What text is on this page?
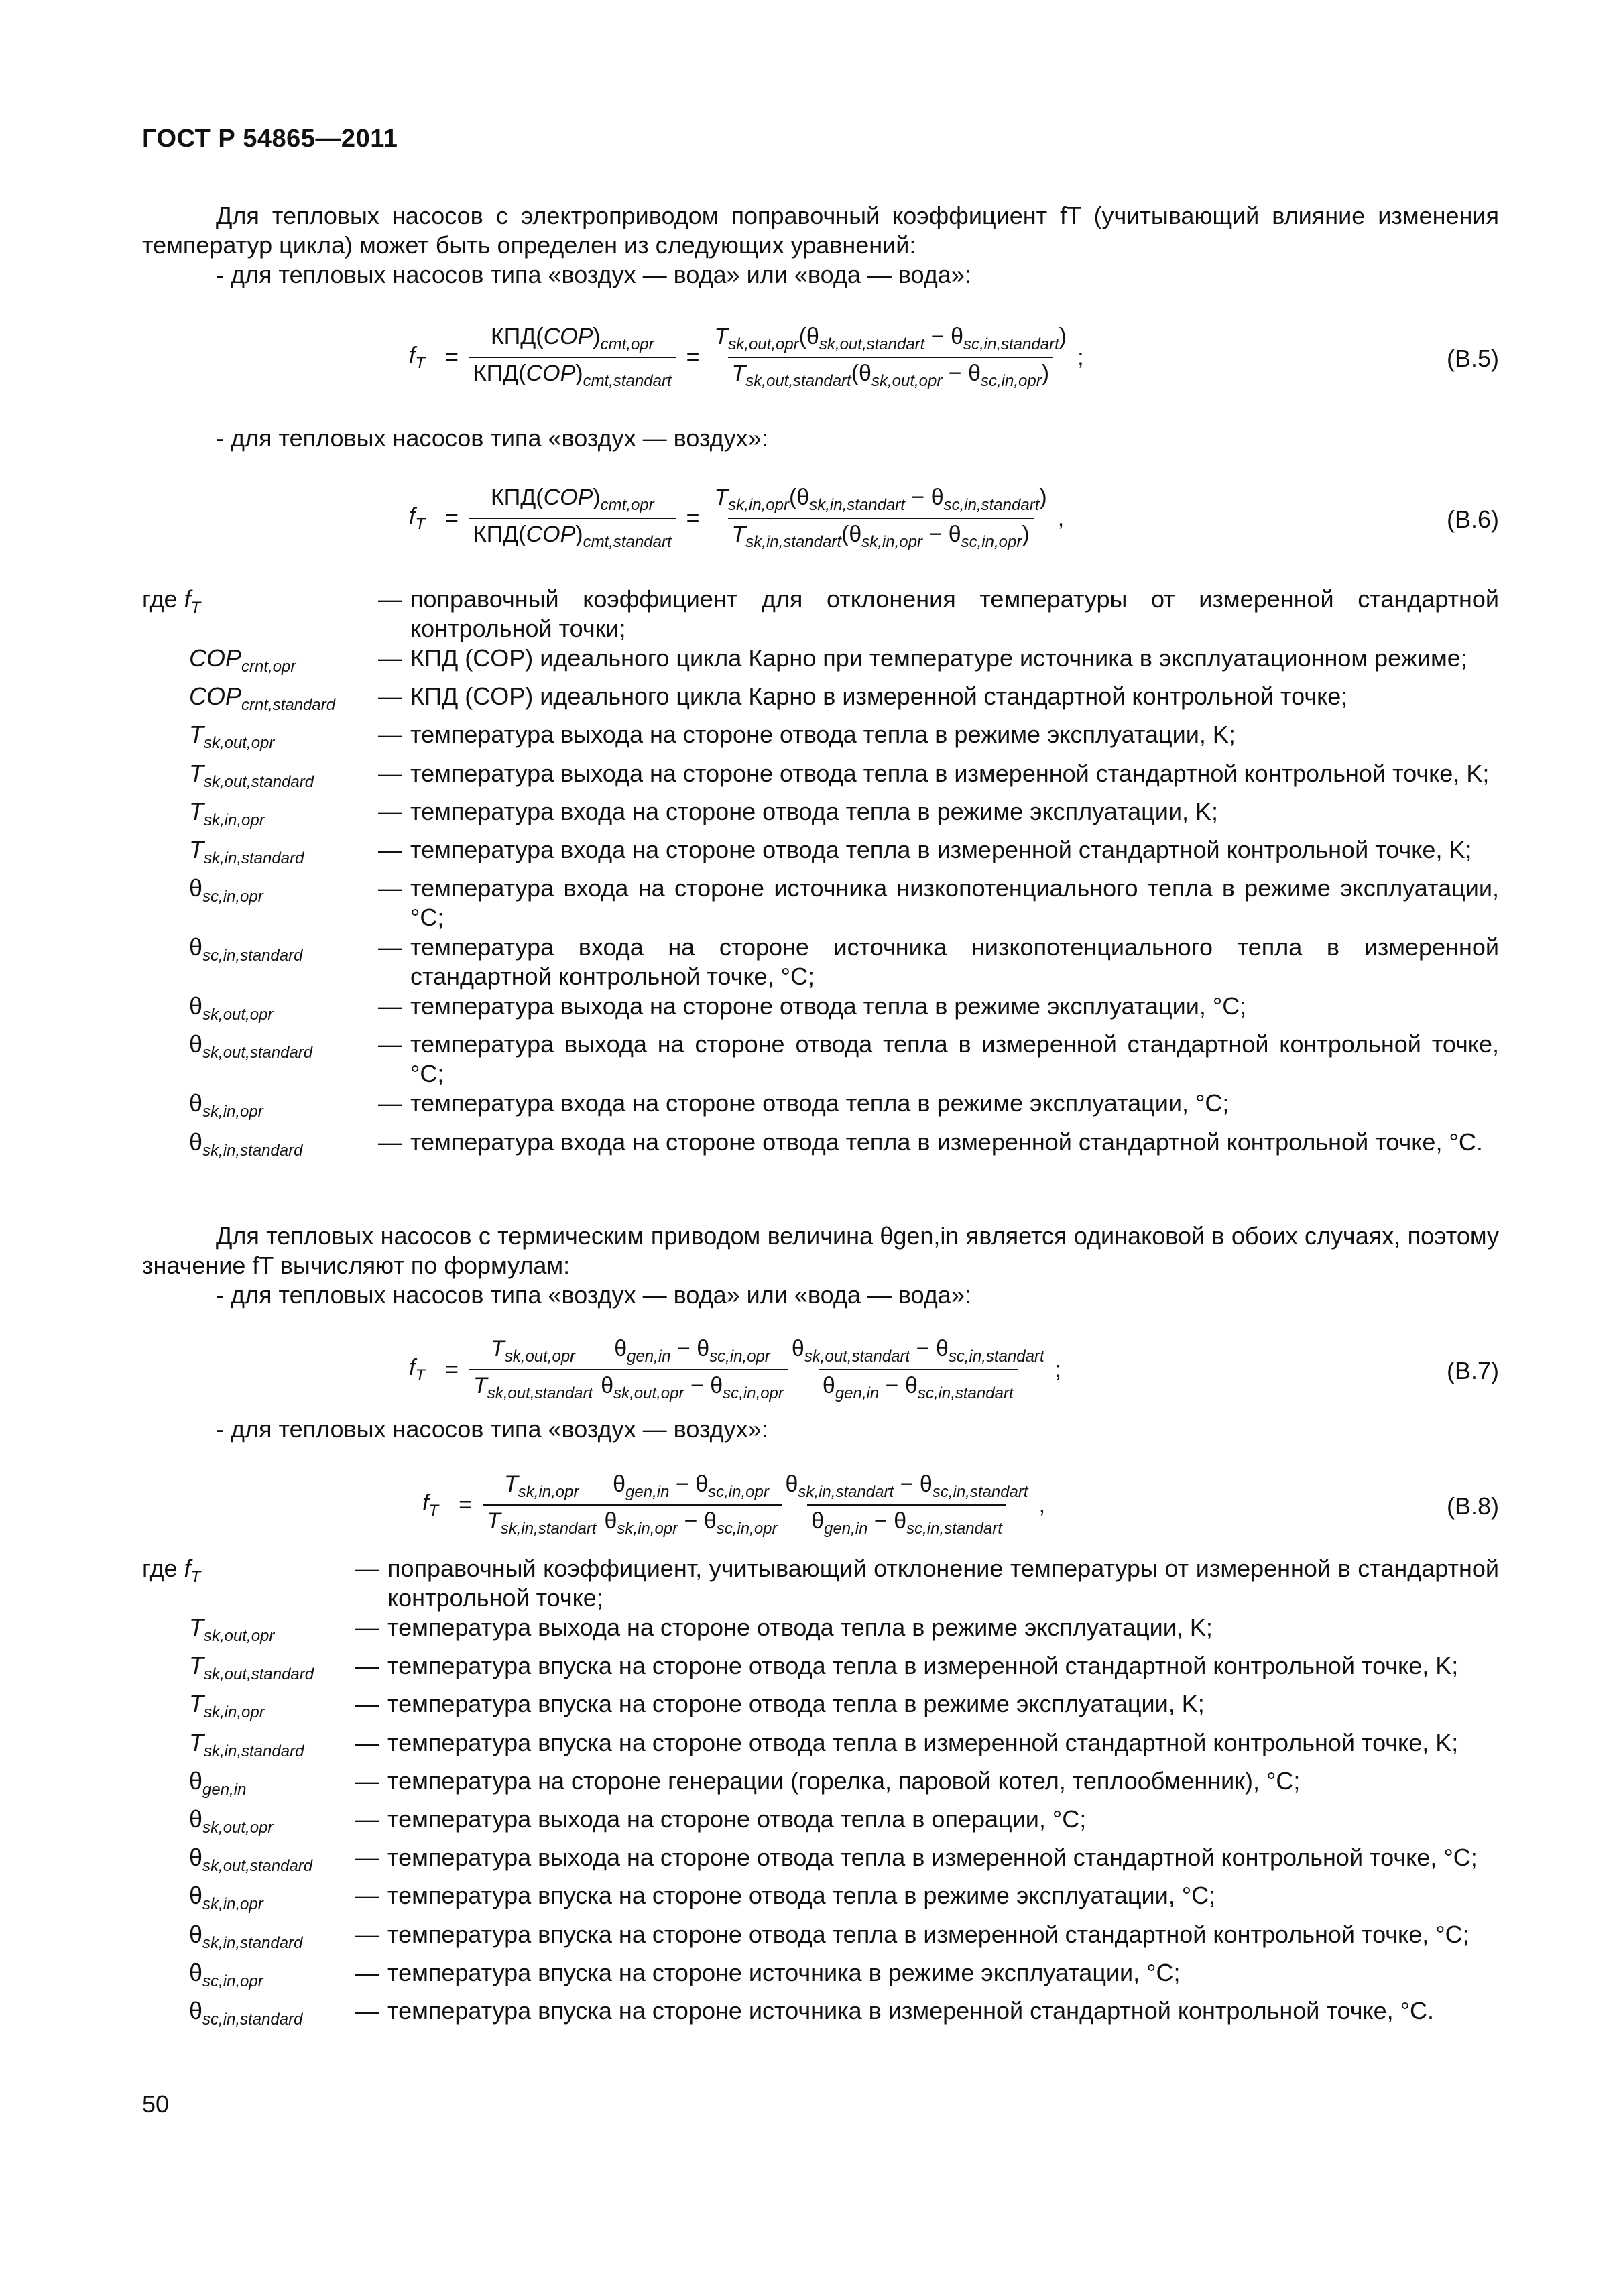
ГОСТ Р 54865—2011
Для тепловых насосов с электроприводом поправочный коэффициент fT (учитывающий влияние изменения температур цикла) может быть определен из следующих уравнений:
- для тепловых насосов типа «воздух — вода» или «вода — вода»:
$f_T = \frac{КПД(COP)_{cmt,opr}}{КПД(COP)_{cmt,standart}} = \frac{T_{sk,out,opr}(\theta_{sk,out,standart} - \theta_{sc,in,standart})}{T_{sk,out,standart}(\theta_{sk,out,opr} - \theta_{sc,in,opr})}$ ;	(В.5)
- для тепловых насосов типа «воздух — воздух»:
$f_T = \frac{КПД(COP)_{cmt,opr}}{КПД(COP)_{cmt,standart}} = \frac{T_{sk,in,opr}(\theta_{sk,in,standart} - \theta_{sc,in,standart})}{T_{sk,in,standart}(\theta_{sk,in,opr} - \theta_{sc,in,opr})}$ ,	(В.6)
где $f_T$	— поправочный коэффициент для отклонения температуры от измеренной стандартной контрольной точки;
$COP_{crnt,opr}$	— КПД (COP) идеального цикла Карно при температуре источника в эксплуатационном режиме;
$COP_{crnt,standard}$	— КПД (COP) идеального цикла Карно в измеренной стандартной контрольной точке;
$T_{sk,out,opr}$	— температура выхода на стороне отвода тепла в режиме эксплуатации, K;
$T_{sk,out,standard}$	— температура выхода на стороне отвода тепла в измеренной стандартной контрольной точке, K;
$T_{sk,in,opr}$	— температура входа на стороне отвода тепла в режиме эксплуатации, K;
$T_{sk,in,standard}$	— температура входа на стороне отвода тепла в измеренной стандартной контрольной точке, K;
$\theta_{sc,in,opr}$	— температура входа на стороне источника низкопотенциального тепла в режиме эксплуатации, °C;
$\theta_{sc,in,standard}$	— температура входа на стороне источника низкопотенциального тепла в измеренной стандартной контрольной точке, °C;
$\theta_{sk,out,opr}$	— температура выхода на стороне отвода тепла в режиме эксплуатации, °C;
$\theta_{sk,out,standard}$	— температура выхода на стороне отвода тепла в измеренной стандартной контрольной точке, °C;
$\theta_{sk,in,opr}$	— температура входа на стороне отвода тепла в режиме эксплуатации, °C;
$\theta_{sk,in,standard}$	— температура входа на стороне отвода тепла в измеренной стандартной контрольной точке, °C.
Для тепловых насосов с термическим приводом величина θgen,in является одинаковой в обоих случаях, поэтому значение fT вычисляют по формулам:
- для тепловых насосов типа «воздух — вода» или «вода — вода»:
$f_T = \frac{T_{sk,out,opr}}{T_{sk,out,standart}} \frac{\theta_{gen,in} - \theta_{sc,in,opr}}{\theta_{sk,out,opr} - \theta_{sc,in,opr}} \frac{\theta_{sk,out,standart} - \theta_{sc,in,standart}}{\theta_{gen,in} - \theta_{sc,in,standart}}$ ;	(В.7)
- для тепловых насосов типа «воздух — воздух»:
$f_T = \frac{T_{sk,in,opr}}{T_{sk,in,standart}} \frac{\theta_{gen,in} - \theta_{sc,in,opr}}{\theta_{sk,in,opr} - \theta_{sc,in,opr}} \frac{\theta_{sk,in,standart} - \theta_{sc,in,standart}}{\theta_{gen,in} - \theta_{sc,in,standart}}$ ,	(В.8)
где $f_T$	— поправочный коэффициент, учитывающий отклонение температуры от измеренной в стандартной контрольной точке;
$T_{sk,out,opr}$	— температура выхода на стороне отвода тепла в режиме эксплуатации, K;
$T_{sk,out,standard}$	— температура впуска на стороне отвода тепла в измеренной стандартной контрольной точке, K;
$T_{sk,in,opr}$	— температура впуска на стороне отвода тепла в режиме эксплуатации, K;
$T_{sk,in,standard}$	— температура впуска на стороне отвода тепла в измеренной стандартной контрольной точке, K;
$\theta_{gen,in}$	— температура на стороне генерации (горелка, паровой котел, теплообменник), °C;
$\theta_{sk,out,opr}$	— температура выхода на стороне отвода тепла в операции, °C;
$\theta_{sk,out,standard}$	— температура выхода на стороне отвода тепла в измеренной стандартной контрольной точке, °C;
$\theta_{sk,in,opr}$	— температура впуска на стороне отвода тепла в режиме эксплуатации, °C;
$\theta_{sk,in,standard}$	— температура впуска на стороне отвода тепла в измеренной стандартной контрольной точке, °C;
$\theta_{sc,in,opr}$	— температура впуска на стороне источника в режиме эксплуатации, °C;
$\theta_{sc,in,standard}$	— температура впуска на стороне источника в измеренной стандартной контрольной точке, °C.
50
